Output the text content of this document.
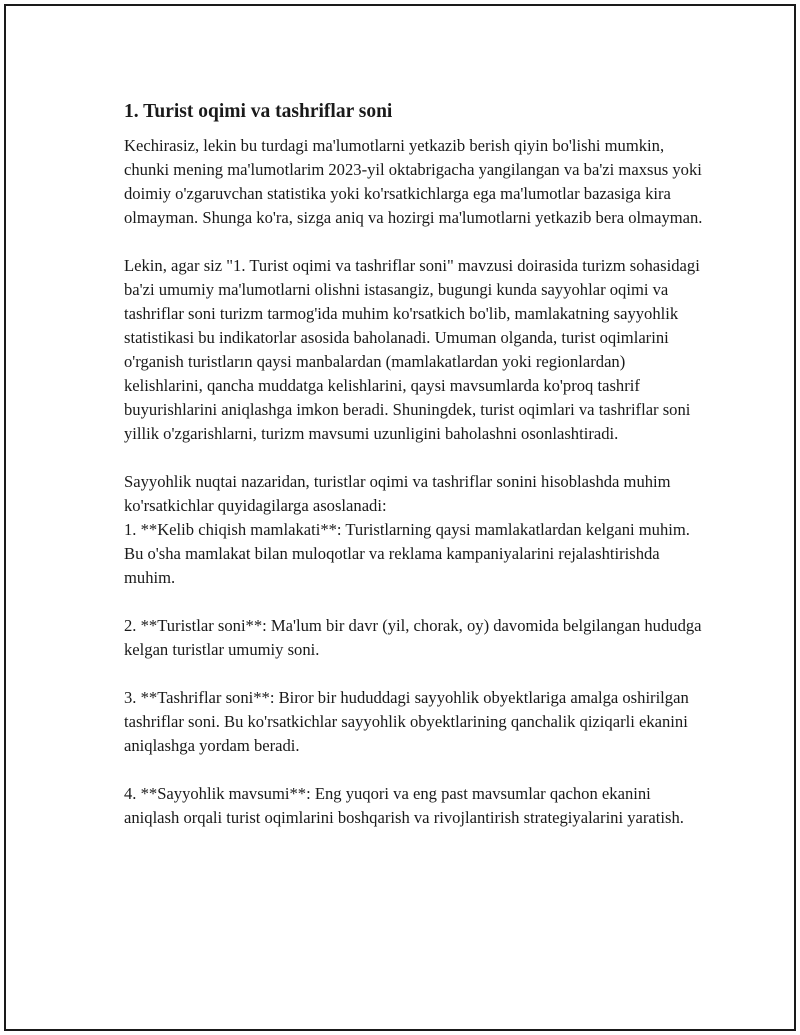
1. Turist oqimi va tashriflar soni

Kechirasiz, lekin bu turdagi ma'lumotlarni yetkazib berish qiyin bo'lishi mumkin, chunki mening ma'lumotlarim 2023-yil oktabrigacha yangilangan va ba'zi maxsus yoki doimiy o'zgaruvchan statistika yoki ko'rsatkichlarga ega ma'lumotlar bazasiga kira olmayman. Shunga ko'ra, sizga aniq va hozirgi ma'lumotlarni yetkazib bera olmayman.

Lekin, agar siz "1. Turist oqimi va tashriflar soni" mavzusi doirasida turizm sohasidagi ba'zi umumiy ma'lumotlarni olishni istasangiz, bugungi kunda sayyohlar oqimi va tashriflar soni turizm tarmog'ida muhim ko'rsatkich bo'lib, mamlakatning sayyohlik statistikasi bu indikatorlar asosida baholanadi. Umuman olganda, turist oqimlarini o'rganish turistların qaysi manbalardan (mamlakatlardan yoki regionlardan) kelishlarini, qancha muddatga kelishlarini, qaysi mavsumlarda ko'proq tashrif buyurishlarini aniqlashga imkon beradi. Shuningdek, turist oqimlari va tashriflar soni yillik o'zgarishlarni, turizm mavsumi uzunligini baholashni osonlashtiradi.

Sayyohlik nuqtai nazaridan, turistlar oqimi va tashriflar sonini hisoblashda muhim ko'rsatkichlar quyidagilarga asoslanadi:

1. **Kelib chiqish mamlakati**: Turistlarning qaysi mamlakatlardan kelgani muhim. Bu o'sha mamlakat bilan muloqotlar va reklama kampaniyalarini rejalashtirishda muhim.

2. **Turistlar soni**: Ma'lum bir davr (yil, chorak, oy) davomida belgilangan hududga kelgan turistlar umumiy soni.

3. **Tashriflar soni**: Biror bir hududdagi sayyohlik obyektlariga amalga oshirilgan tashriflar soni. Bu ko'rsatkichlar sayyohlik obyektlarining qanchalik qiziqarli ekanini aniqlashga yordam beradi.

4. **Sayyohlik mavsumi**: Eng yuqori va eng past mavsumlar qachon ekanini aniqlash orqali turist oqimlarini boshqarish va rivojlantirish strategiyalarini yaratish.
